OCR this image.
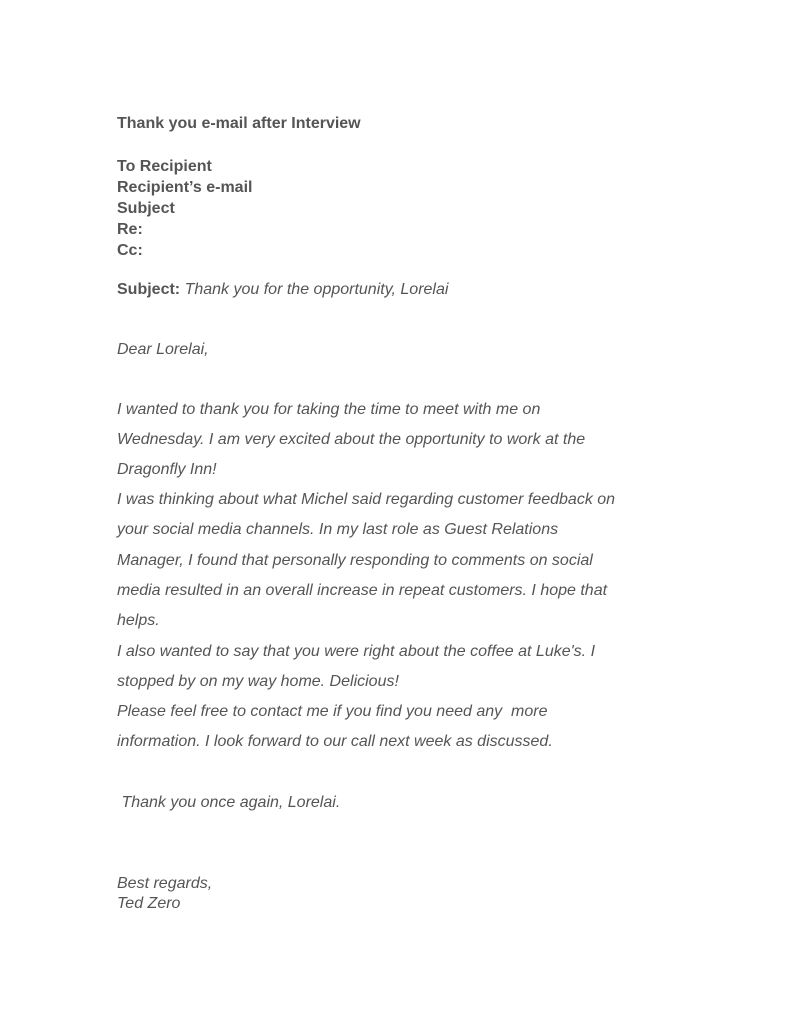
Thank you e-mail after Interview
To Recipient
Recipient’s e-mail
Subject
Re:
Cc:
Subject: Thank you for the opportunity, Lorelai
Dear Lorelai,
I wanted to thank you for taking the time to meet with me on
Wednesday. I am very excited about the opportunity to work at the
Dragonfly Inn!
I was thinking about what Michel said regarding customer feedback on
your social media channels. In my last role as Guest Relations
Manager, I found that personally responding to comments on social
media resulted in an overall increase in repeat customers. I hope that
helps.
I also wanted to say that you were right about the coffee at Luke's. I
stopped by on my way home. Delicious!
Please feel free to contact me if you find you need any  more
information. I look forward to our call next week as discussed.
Thank you once again, Lorelai.
Best regards,
Ted Zero
